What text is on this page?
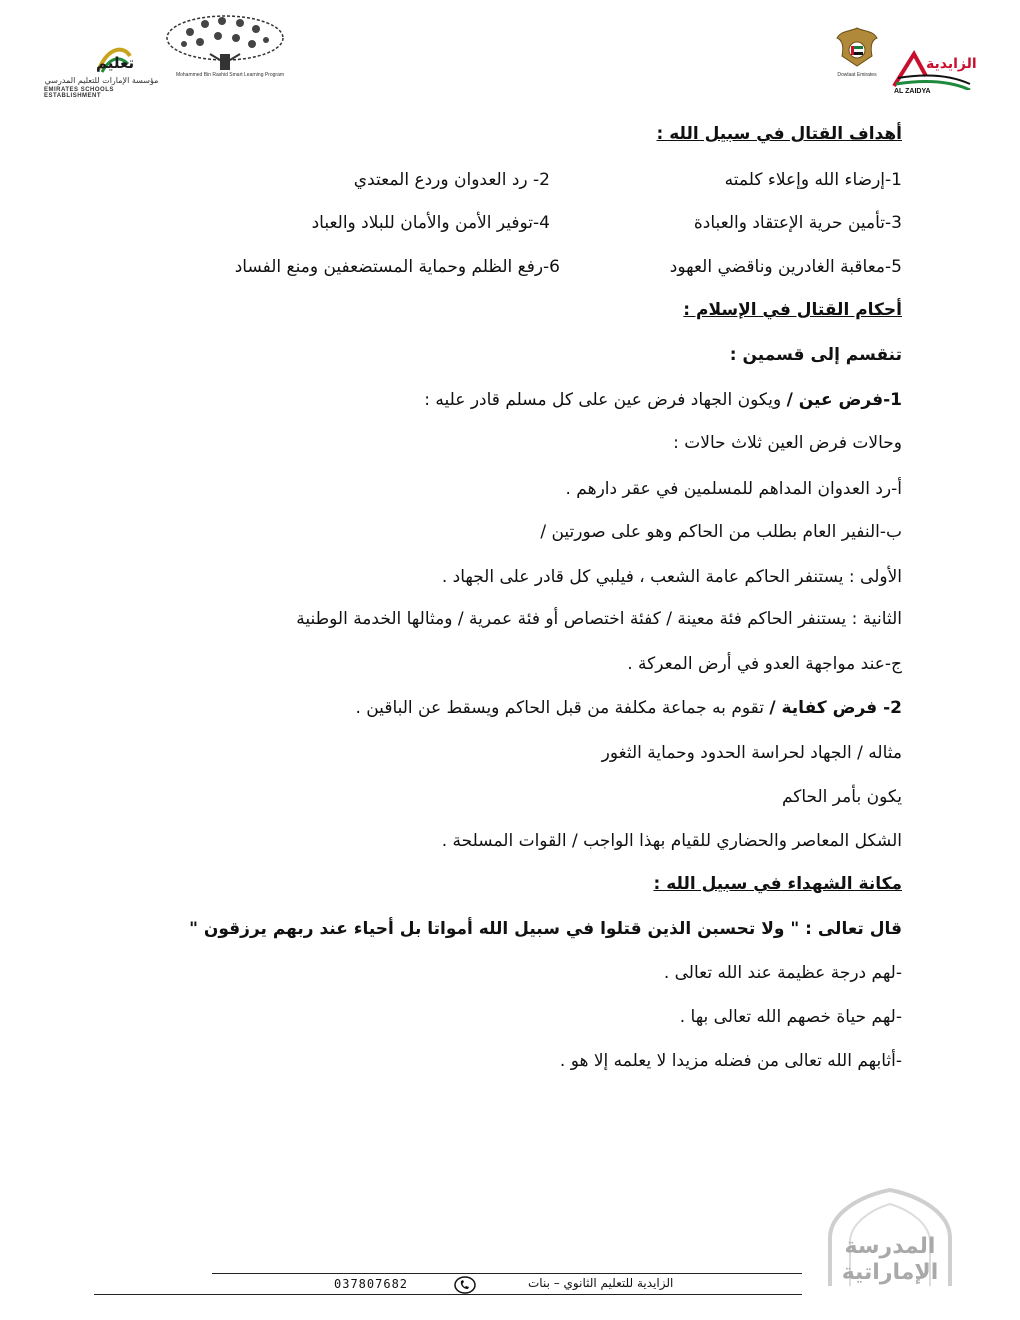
تعليم
مؤسسة الإمارات للتعليم المدرسي
EMIRATES SCHOOLS ESTABLISHMENT
Mohammed Bin Rashid Smart Learning Program	Dowlaat Emirates
الزايدية
AL ZAIDYA
أهداف القتال في سبيل الله :
1-إرضاء الله وإعلاء كلمته
2- رد العدوان وردع المعتدي
3-تأمين حرية الإعتقاد والعبادة
4-توفير الأمن والأمان للبلاد والعباد
5-معاقبة الغادرين وناقضي العهود
6-رفع الظلم وحماية المستضعفين ومنع الفساد
أحكام القتال في الإسلام :
تنقسم إلى قسمين :
1-فرض عين / ويكون الجهاد فرض عين على كل مسلم قادر عليه :
وحالات فرض العين ثلاث حالات :
أ-رد العدوان المداهم للمسلمين في عقر دارهم .
ب-النفير العام بطلب من الحاكم وهو على صورتين /
الأولى : يستنفر الحاكم عامة الشعب ، فيلبي كل قادر على الجهاد .
الثانية : يستنفر الحاكم فئة معينة / كفئة اختصاص أو فئة عمرية / ومثالها الخدمة الوطنية
ج-عند مواجهة العدو في أرض المعركة .
2- فرض كفاية / تقوم به جماعة مكلفة من قبل الحاكم ويسقط عن الباقين .
مثاله / الجهاد لحراسة الحدود وحماية الثغور
يكون بأمر الحاكم
الشكل المعاصر والحضاري للقيام بهذا الواجب / القوات المسلحة .
مكانة الشهداء في سبيل الله :
قال تعالى : " ولا تحسبن الذين قتلوا في سبيل الله أمواتا بل أحياء عند ربهم يرزقون "
-لهم درجة عظيمة عند الله تعالى .
-لهم حياة خصهم الله تعالى بها .
-أثابهم الله تعالى من فضله مزيدا لا يعلمه إلا هو .
المدرسة الإماراتية
الزايدية للتعليم الثانوي – بنات
037807682
